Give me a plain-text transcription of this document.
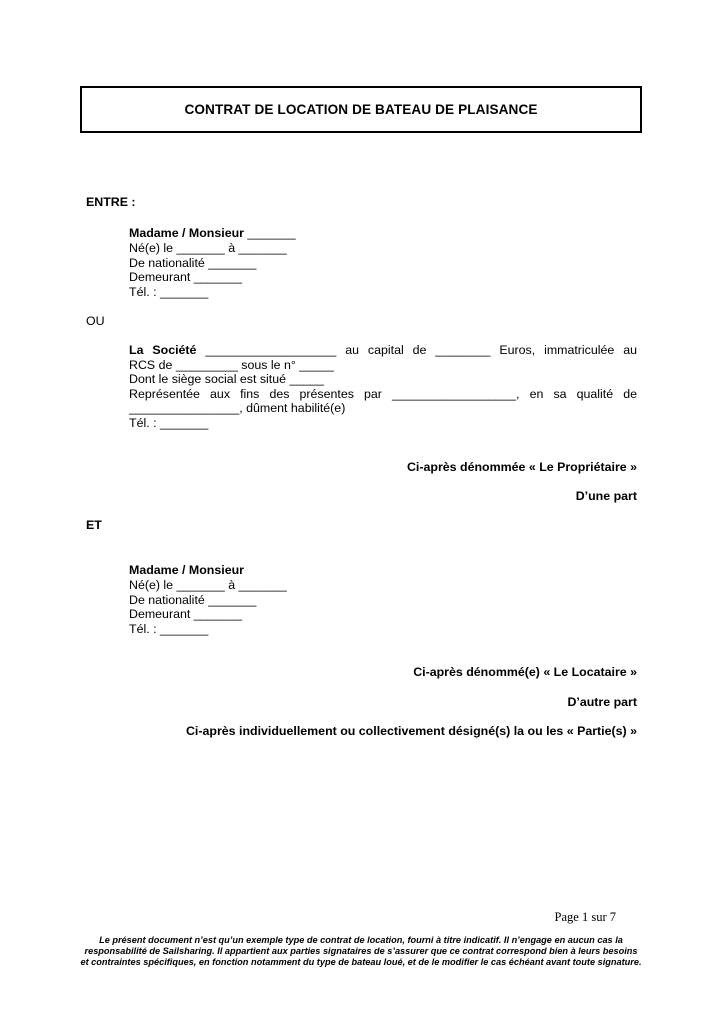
CONTRAT DE LOCATION DE BATEAU DE PLAISANCE
ENTRE :
Madame / Monsieur _______
Né(e) le _______ à _______
De nationalité _______
Demeurant _______
Tél. : _______
OU
La Société ___________________ au capital de ________ Euros, immatriculée au
RCS de _________ sous le n° _____
Dont le siège social est situé _____
Représentée aux fins des présentes par __________________, en sa qualité de
________________, dûment habilité(e)
Tél. : _______
Ci-après dénommée « Le Propriétaire »
D’une part
ET
Madame / Monsieur
Né(e) le _______ à _______
De nationalité _______
Demeurant _______
Tél. : _______
Ci-après dénommé(e) « Le Locataire »
D’autre part
Ci-après individuellement ou collectivement désigné(s) la ou les « Partie(s) »
Page 1 sur 7
Le présent document n’est qu’un exemple type de contrat de location, fourni à titre indicatif. Il n’engage en aucun cas la responsabilité de Sailsharing. Il appartient aux parties signataires de s’assurer que ce contrat correspond bien à leurs besoins et contraintes spécifiques, en fonction notamment du type de bateau loué, et de le modifier le cas échéant avant toute signature.
